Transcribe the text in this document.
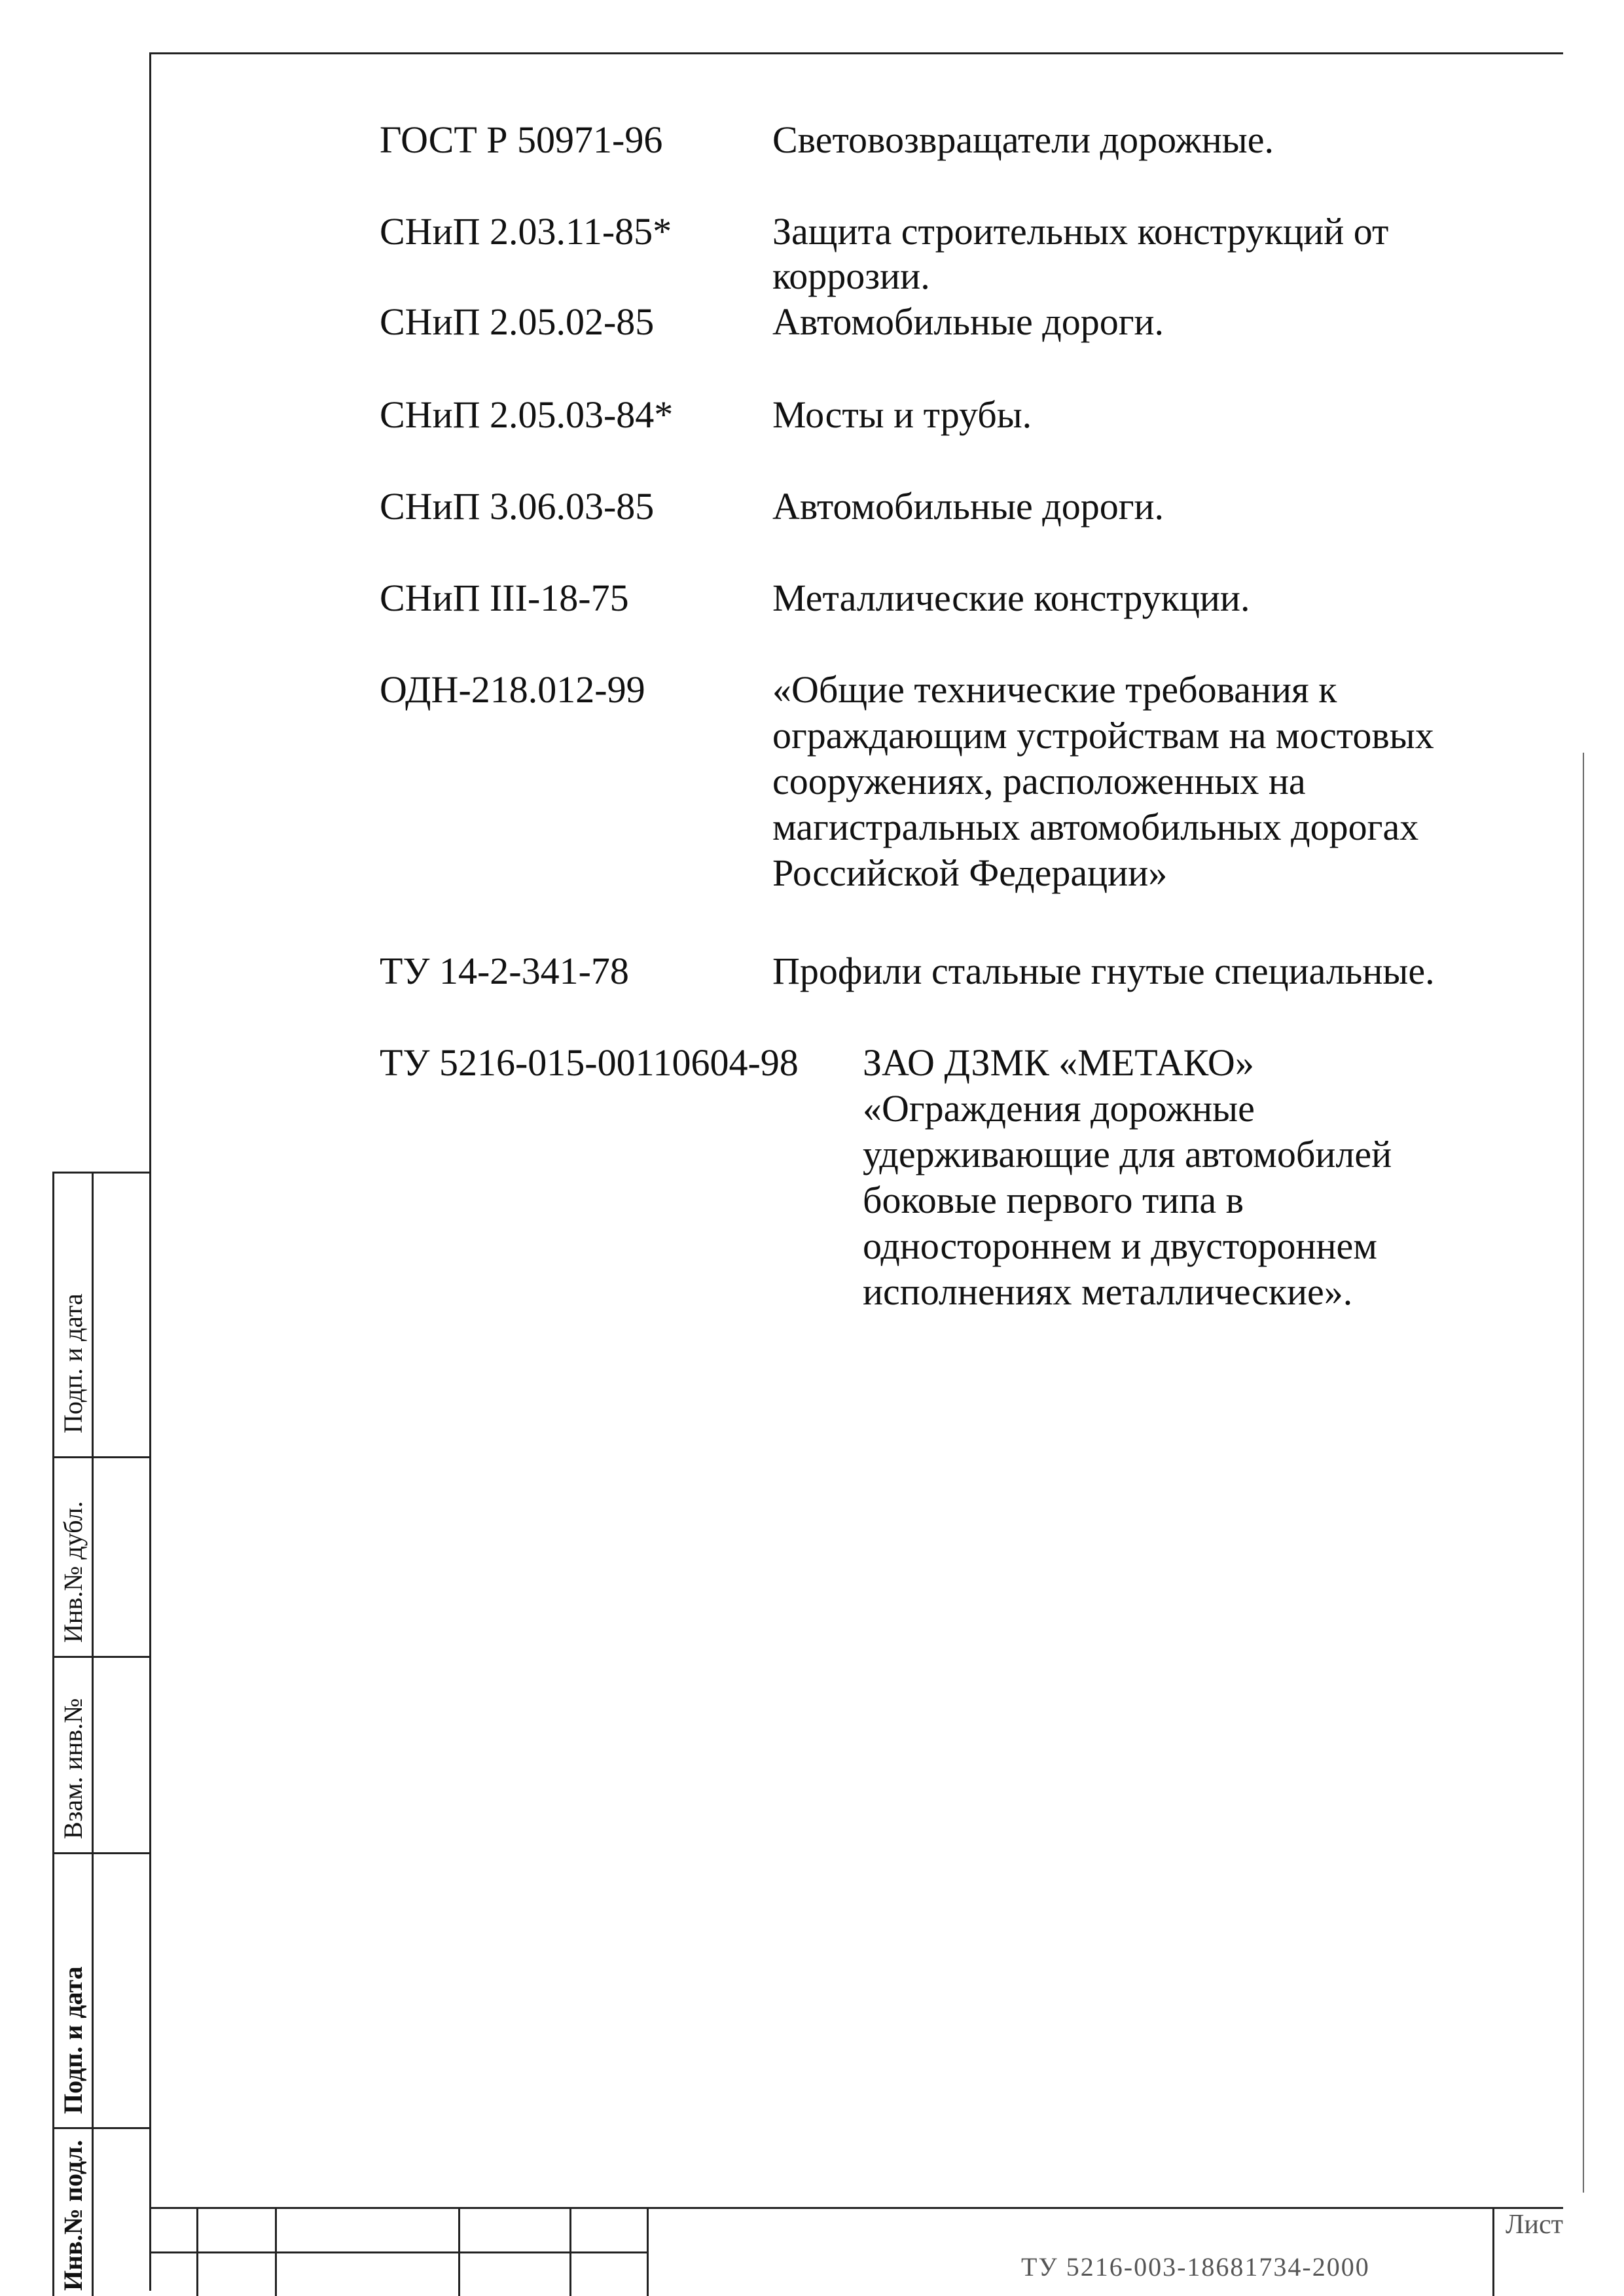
ГОСТ Р 50971-96	Световозвращатели дорожные.
СНиП 2.03.11-85*	Защита строительных конструкций от
коррозии.
СНиП 2.05.02-85	Автомобильные дороги.
СНиП 2.05.03-84*	Мосты и трубы.
СНиП 3.06.03-85	Автомобильные дороги.
СНиП III-18-75	Металлические конструкции.
ОДН-218.012-99	«Общие технические требования к
ограждающим устройствам на мостовых
сооружениях, расположенных на
магистральных автомобильных дорогах
Российской Федерации»
ТУ 14-2-341-78	Профили стальные гнутые специальные.
ТУ 5216-015-00110604-98 ЗАО ДЗМК «МЕТАКО»
«Ограждения дорожные
удерживающие для автомобилей
боковые первого типа в
одностороннем и двустороннем
исполнениях металлические».
Подп. и дата
Инв.№ дубл.
Взам. инв.№
Подп. и дата
Инв.№ подл.	Лист
ТУ 5216-003-18681734-2000
